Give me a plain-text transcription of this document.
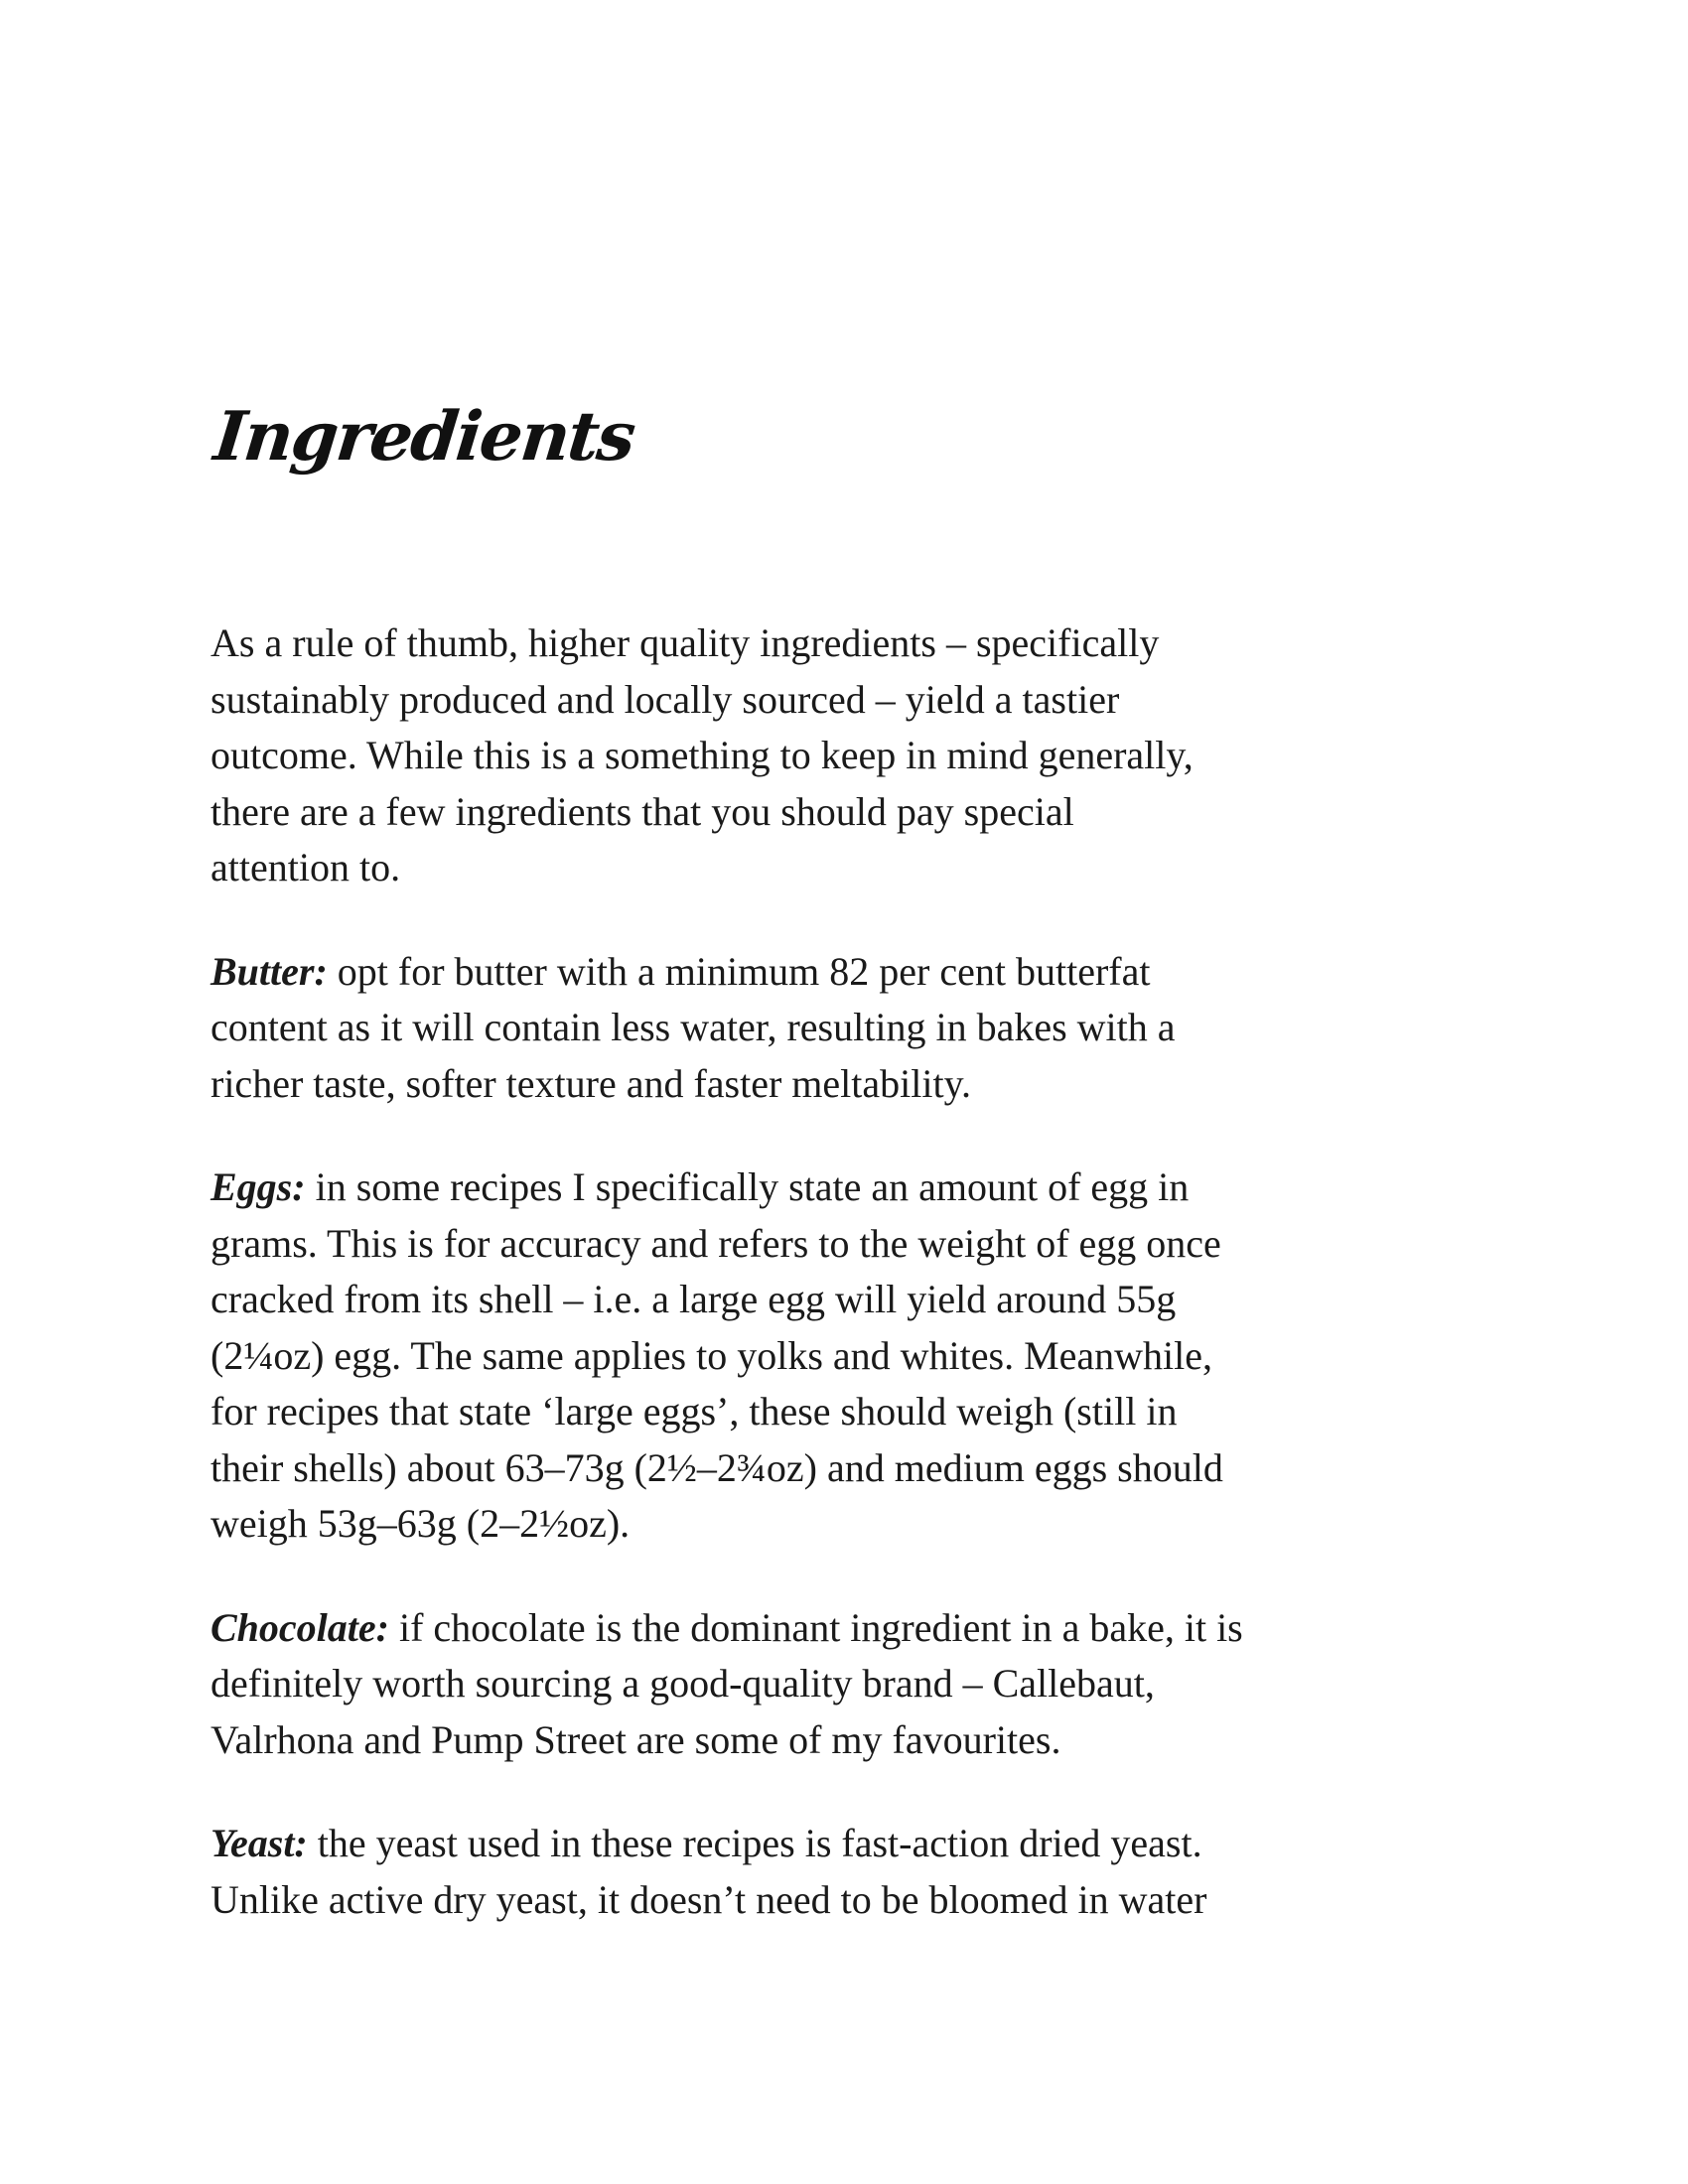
Ingredients

As a rule of thumb, higher quality ingredients – specifically
sustainably produced and locally sourced – yield a tastier
outcome. While this is a something to keep in mind generally,
there are a few ingredients that you should pay special
attention to.

Butter: opt for butter with a minimum 82 per cent butterfat
content as it will contain less water, resulting in bakes with a
richer taste, softer texture and faster meltability.

Eggs: in some recipes I specifically state an amount of egg in
grams. This is for accuracy and refers to the weight of egg once
cracked from its shell – i.e. a large egg will yield around 55g
(2¼oz) egg. The same applies to yolks and whites. Meanwhile,
for recipes that state ‘large eggs’, these should weigh (still in
their shells) about 63–73g (2½–2¾oz) and medium eggs should
weigh 53g–63g (2–2½oz).

Chocolate: if chocolate is the dominant ingredient in a bake, it is
definitely worth sourcing a good-quality brand – Callebaut,
Valrhona and Pump Street are some of my favourites.

Yeast: the yeast used in these recipes is fast-action dried yeast.
Unlike active dry yeast, it doesn’t need to be bloomed in water
